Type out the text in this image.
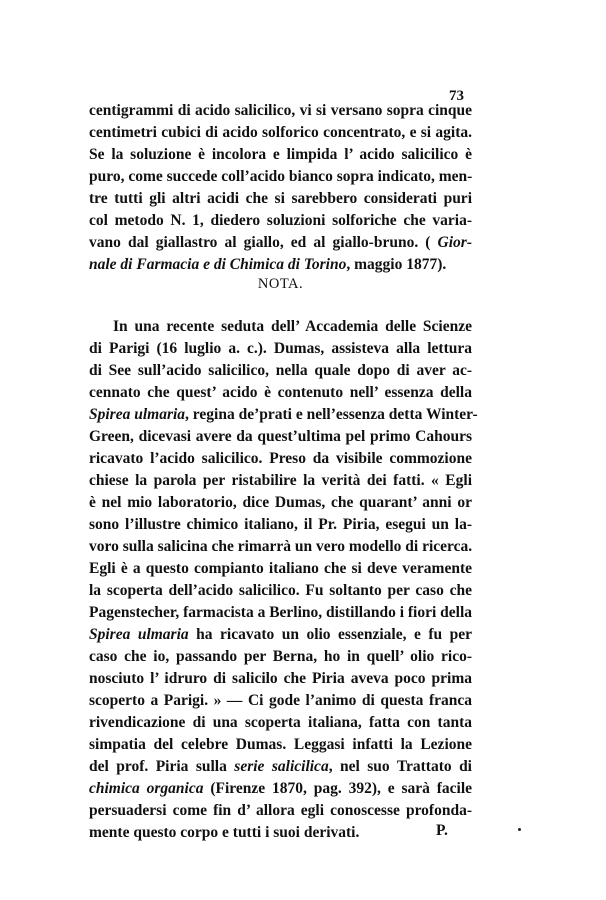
73
centigrammi di acido salicilico, vi si versano sopra cinque
centimetri cubici di acido solforico concentrato, e si agita.
Se la soluzione è incolora e limpida l’ acido salicilico è
puro, come succede coll’acido bianco sopra indicato, men-
tre tutti gli altri acidi che si sarebbero considerati puri
col metodo N. 1, diedero soluzioni solforiche che varia-
vano dal giallastro al giallo, ed al giallo-bruno. ( Gior-
nale di Farmacia e di Chimica di Torino, maggio 1877).
NOTA.
In una recente seduta dell’ Accademia delle Scienze
di Parigi (16 luglio a. c.). Dumas, assisteva alla lettura
di See sull’acido salicilico, nella quale dopo di aver ac-
cennato che quest’ acido è contenuto nell’ essenza della
Spirea ulmaria, regina de’prati e nell’essenza detta Winter-
Green, dicevasi avere da quest’ultima pel primo Cahours
ricavato l’acido salicilico. Preso da visibile commozione
chiese la parola per ristabilire la verità dei fatti. « Egli
è nel mio laboratorio, dice Dumas, che quarant’ anni or
sono l’illustre chimico italiano, il Pr. Piria, esegui un la-
voro sulla salicina che rimarrà un vero modello di ricerca.
Egli è a questo compianto italiano che si deve veramente
la scoperta dell’acido salicilico. Fu soltanto per caso che
Pagenstecher, farmacista a Berlino, distillando i fiori della
Spirea ulmaria ha ricavato un olio essenziale, e fu per
caso che io, passando per Berna, ho in quell’ olio rico-
nosciuto l’ idruro di salicilo che Piria aveva poco prima
scoperto a Parigi. » — Ci gode l’animo di questa franca
rivendicazione di una scoperta italiana, fatta con tanta
simpatia del celebre Dumas. Leggasi infatti la Lezione
del prof. Piria sulla serie salicilica, nel suo Trattato di
chimica organica (Firenze 1870, pag. 392), e sarà facile
persuadersi come fin d’ allora egli conoscesse profonda-
mente questo corpo e tutti i suoi derivati.	P.
